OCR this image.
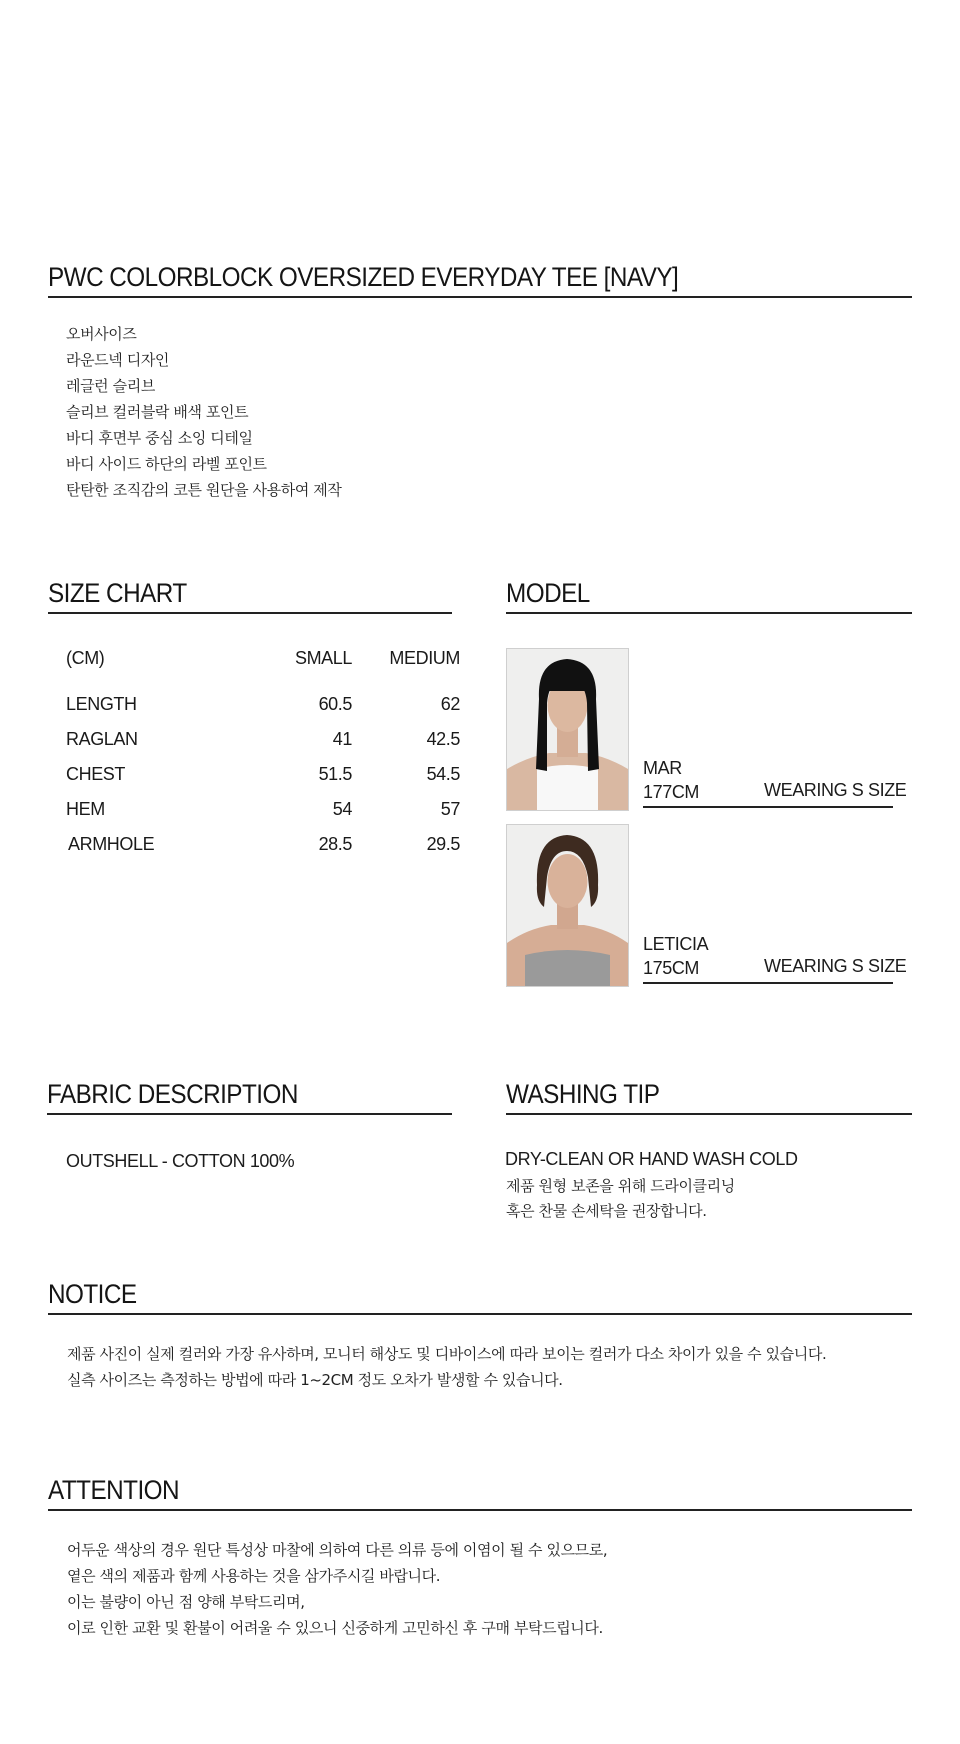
PWC COLORBLOCK OVERSIZED EVERYDAY TEE [NAVY]
오버사이즈
라운드넥 디자인
레글런 슬리브
슬리브 컬러블락 배색 포인트
바디 후면부 중심 소잉 디테일
바디 사이드 하단의 라벨 포인트
탄탄한 조직감의 코튼 원단을 사용하여 제작
SIZE CHART
(CM)	SMALL MEDIUM
LENGTH	60.5	62
RAGLAN	41	42.5
CHEST	51.5	54.5
HEM	54	57
ARMHOLE	28.5	29.5
MODEL
MAR
177CM	WEARING S SIZE
LETICIA
175CM	WEARING S SIZE
FABRIC DESCRIPTION
OUTSHELL - COTTON 100%
WASHING TIP
DRY-CLEAN OR HAND WASH COLD
제품 원형 보존을 위해 드라이클리닝
혹은 찬물 손세탁을 권장합니다.
NOTICE
제품 사진이 실제 컬러와 가장 유사하며, 모니터 해상도 및 디바이스에 따라 보이는 컬러가 다소 차이가 있을 수 있습니다.
실측 사이즈는 측정하는 방법에 따라 1~2CM 정도 오차가 발생할 수 있습니다.
ATTENTION
어두운 색상의 경우 원단 특성상 마찰에 의하여 다른 의류 등에 이염이 될 수 있으므로,
옅은 색의 제품과 함께 사용하는 것을 삼가주시길 바랍니다.
이는 불량이 아닌 점 양해 부탁드리며,
이로 인한 교환 및 환불이 어려울 수 있으니 신중하게 고민하신 후 구매 부탁드립니다.
